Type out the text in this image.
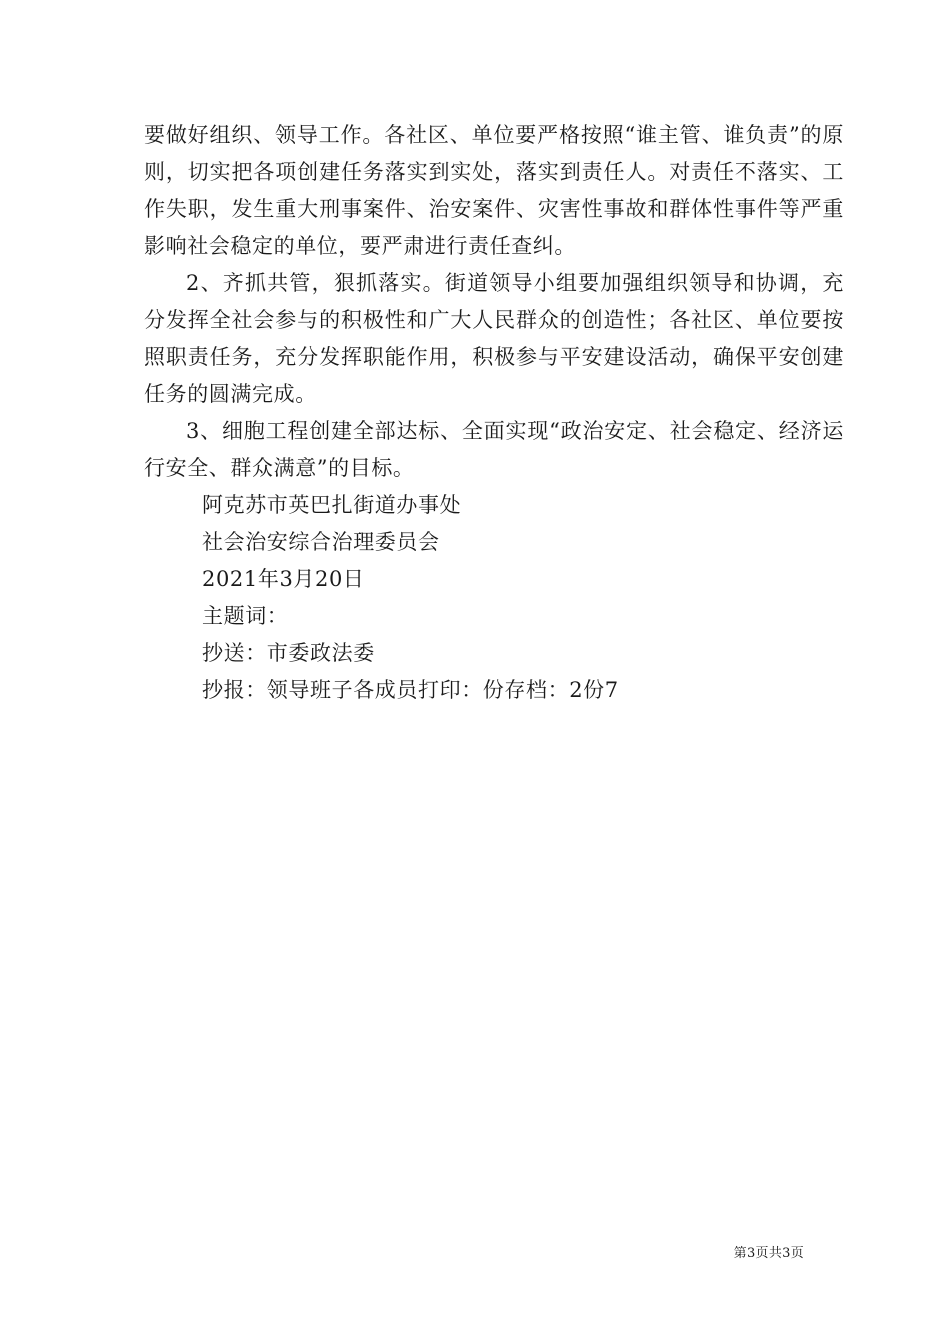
要做好组织、领导工作。各社区、单位要严格按照“谁主管、谁负责”的原则，切实把各项创建任务落实到实处，落实到责任人。对责任不落实、工作失职，发生重大刑事案件、治安案件、灾害性事故和群体性事件等严重影响社会稳定的单位，要严肃进行责任查纠。

2、齐抓共管，狠抓落实。街道领导小组要加强组织领导和协调，充分发挥全社会参与的积极性和广大人民群众的创造性；各社区、单位要按照职责任务，充分发挥职能作用，积极参与平安建设活动，确保平安创建任务的圆满完成。

3、细胞工程创建全部达标、全面实现“政治安定、社会稳定、经济运行安全、群众满意”的目标。

阿克苏市英巴扎街道办事处

社会治安综合治理委员会

2021年3月20日

主题词：

抄送：市委政法委

抄报：领导班子各成员打印：份存档：2份7

第3页共3页
